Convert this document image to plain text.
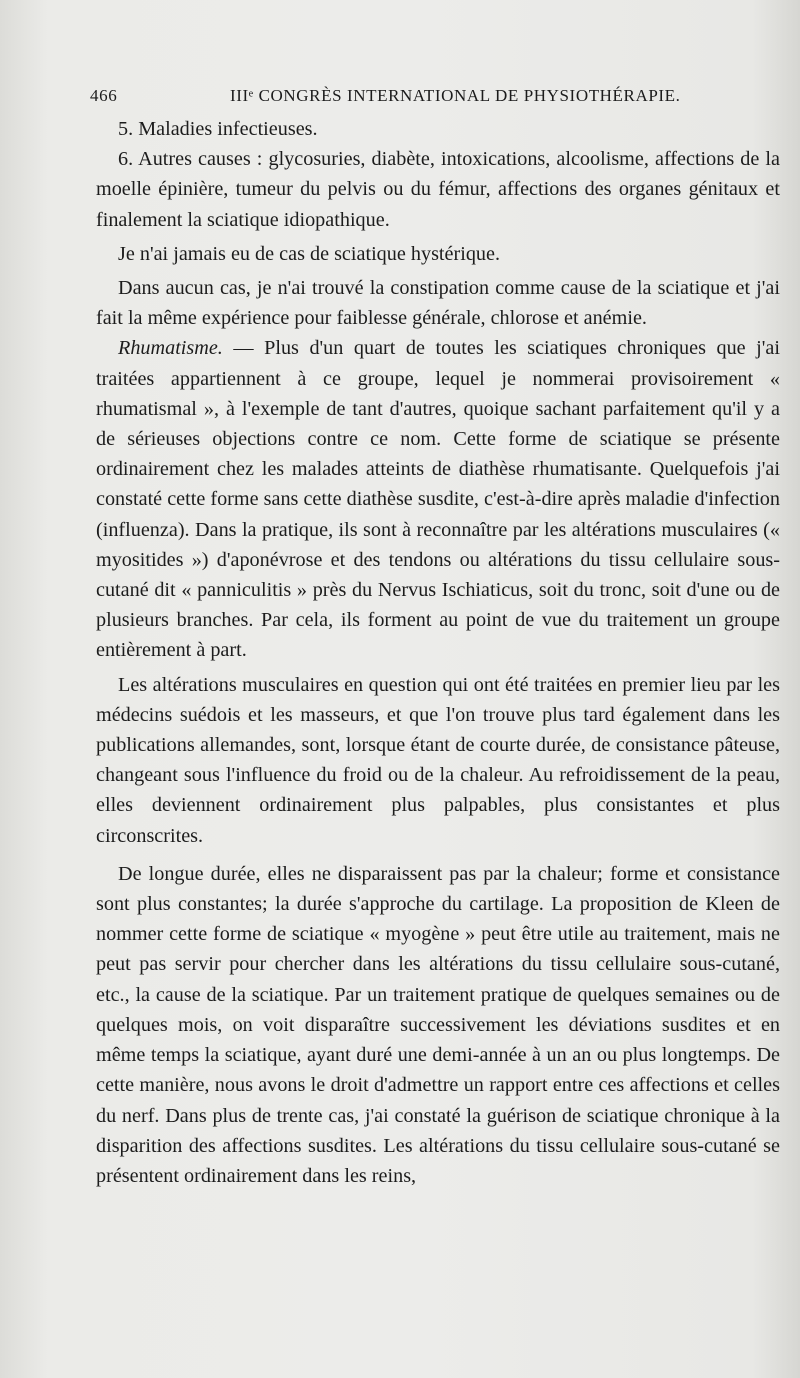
466	IIIᵉ CONGRÈS INTERNATIONAL DE PHYSIOTHÉRAPIE.

5. Maladies infectieuses.

6. Autres causes : glycosuries, diabète, intoxications, alcoolisme, affections de la moelle épinière, tumeur du pelvis ou du fémur, affections des organes génitaux et finalement la sciatique idiopathique.

Je n'ai jamais eu de cas de sciatique hystérique.

Dans aucun cas, je n'ai trouvé la constipation comme cause de la sciatique et j'ai fait la même expérience pour faiblesse générale, chlorose et anémie.

Rhumatisme. — Plus d'un quart de toutes les sciatiques chroniques que j'ai traitées appartiennent à ce groupe, lequel je nommerai provisoirement « rhumatismal », à l'exemple de tant d'autres, quoique sachant parfaitement qu'il y a de sérieuses objections contre ce nom. Cette forme de sciatique se présente ordinairement chez les malades atteints de diathèse rhumatisante. Quelquefois j'ai constaté cette forme sans cette diathèse susdite, c'est-à-dire après maladie d'infection (influenza). Dans la pratique, ils sont à reconnaître par les altérations musculaires (« myositides ») d'aponévrose et des tendons ou altérations du tissu cellulaire sous-cutané dit « panniculitis » près du Nervus Ischiaticus, soit du tronc, soit d'une ou de plusieurs branches. Par cela, ils forment au point de vue du traitement un groupe entièrement à part.

Les altérations musculaires en question qui ont été traitées en premier lieu par les médecins suédois et les masseurs, et que l'on trouve plus tard également dans les publications allemandes, sont, lorsque étant de courte durée, de consistance pâteuse, changeant sous l'influence du froid ou de la chaleur. Au refroidissement de la peau, elles deviennent ordinairement plus palpables, plus consistantes et plus circonscrites.

De longue durée, elles ne disparaissent pas par la chaleur; forme et consistance sont plus constantes; la durée s'approche du cartilage. La proposition de Kleen de nommer cette forme de sciatique « myogène » peut être utile au traitement, mais ne peut pas servir pour chercher dans les altérations du tissu cellulaire sous-cutané, etc., la cause de la sciatique. Par un traitement pratique de quelques semaines ou de quelques mois, on voit disparaître successivement les déviations susdites et en même temps la sciatique, ayant duré une demi-année à un an ou plus longtemps. De cette manière, nous avons le droit d'admettre un rapport entre ces affections et celles du nerf. Dans plus de trente cas, j'ai constaté la guérison de sciatique chronique à la disparition des affections susdites. Les altérations du tissu cellulaire sous-cutané se présentent ordinairement dans les reins,
